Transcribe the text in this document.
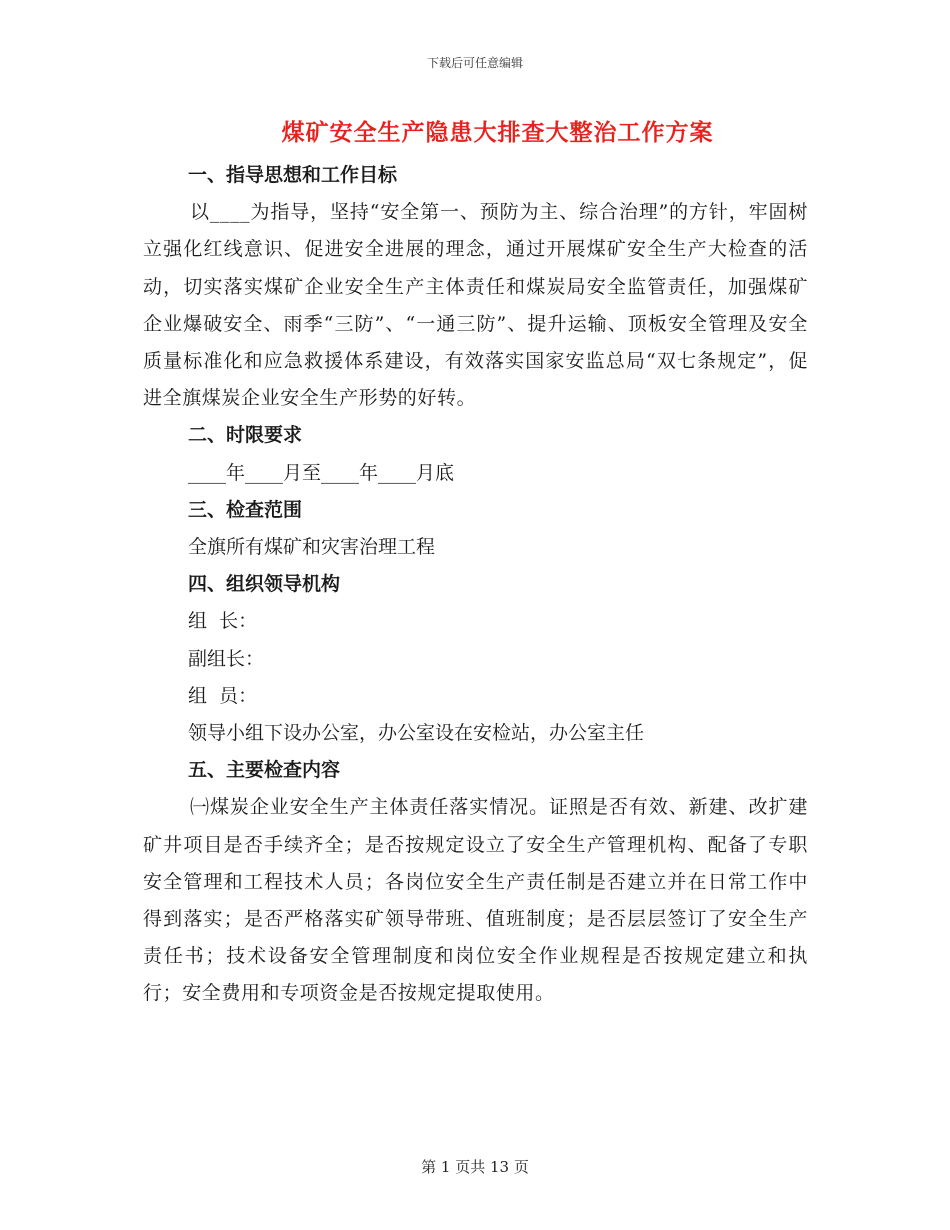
下载后可任意编辑
煤矿安全生产隐患大排查大整治工作方案

一、指导思想和工作目标

以____为指导，坚持“安全第一、预防为主、综合治理”的方针，牢固树立强化红线意识、促进安全进展的理念，通过开展煤矿安全生产大检查的活动，切实落实煤矿企业安全生产主体责任和煤炭局安全监管责任，加强煤矿企业爆破安全、雨季“三防”、“一通三防”、提升运输、顶板安全管理及安全质量标准化和应急救援体系建设，有效落实国家安监总局“双七条规定”，促进全旗煤炭企业安全生产形势的好转。

二、时限要求

____年____月至____年____月底

三、检查范围

全旗所有煤矿和灾害治理工程

四、组织领导机构

组  长：

副组长：

组  员：

领导小组下设办公室，办公室设在安检站，办公室主任

五、主要检查内容

㈠煤炭企业安全生产主体责任落实情况。证照是否有效、新建、改扩建矿井项目是否手续齐全；是否按规定设立了安全生产管理机构、配备了专职安全管理和工程技术人员；各岗位安全生产责任制是否建立并在日常工作中得到落实；是否严格落实矿领导带班、值班制度；是否层层签订了安全生产责任书；技术设备安全管理制度和岗位安全作业规程是否按规定建立和执行；安全费用和专项资金是否按规定提取使用。

第 1 页共 13 页
